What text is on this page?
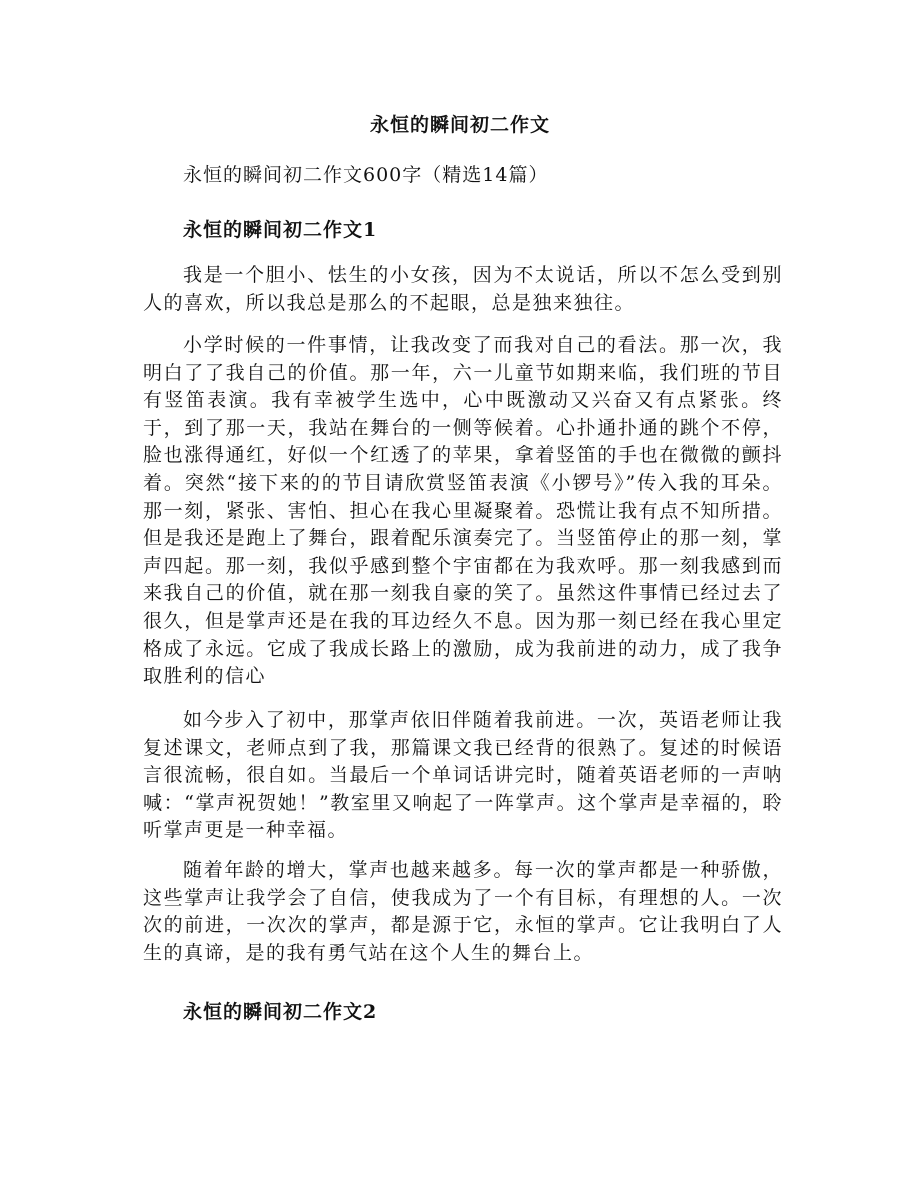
永恒的瞬间初二作文
永恒的瞬间初二作文600字（精选14篇）
永恒的瞬间初二作文1

我是一个胆小、怯生的小女孩，因为不太说话，所以不怎么受到别人的喜欢，所以我总是那么的不起眼，总是独来独往。

小学时候的一件事情，让我改变了而我对自己的看法。那一次，我明白了了我自己的价值。那一年，六一儿童节如期来临，我们班的节目有竖笛表演。我有幸被学生选中，心中既激动又兴奋又有点紧张。终于，到了那一天，我站在舞台的一侧等候着。心扑通扑通的跳个不停，脸也涨得通红，好似一个红透了的苹果，拿着竖笛的手也在微微的颤抖着。突然“接下来的的节目请欣赏竖笛表演《小锣号》”传入我的耳朵。那一刻，紧张、害怕、担心在我心里凝聚着。恐慌让我有点不知所措。但是我还是跑上了舞台，跟着配乐演奏完了。当竖笛停止的那一刻，掌声四起。那一刻，我似乎感到整个宇宙都在为我欢呼。那一刻我感到而来我自己的价值，就在那一刻我自豪的笑了。虽然这件事情已经过去了很久，但是掌声还是在我的耳边经久不息。因为那一刻已经在我心里定格成了永远。它成了我成长路上的激励，成为我前进的动力，成了我争取胜利的信心

如今步入了初中，那掌声依旧伴随着我前进。一次，英语老师让我复述课文，老师点到了我，那篇课文我已经背的很熟了。复述的时候语言很流畅，很自如。当最后一个单词话讲完时，随着英语老师的一声呐喊：“掌声祝贺她！”教室里又响起了一阵掌声。这个掌声是幸福的，聆听掌声更是一种幸福。

随着年龄的增大，掌声也越来越多。每一次的掌声都是一种骄傲，这些掌声让我学会了自信，使我成为了一个有目标，有理想的人。一次次的前进，一次次的掌声，都是源于它，永恒的掌声。它让我明白了人生的真谛，是的我有勇气站在这个人生的舞台上。

永恒的瞬间初二作文2
